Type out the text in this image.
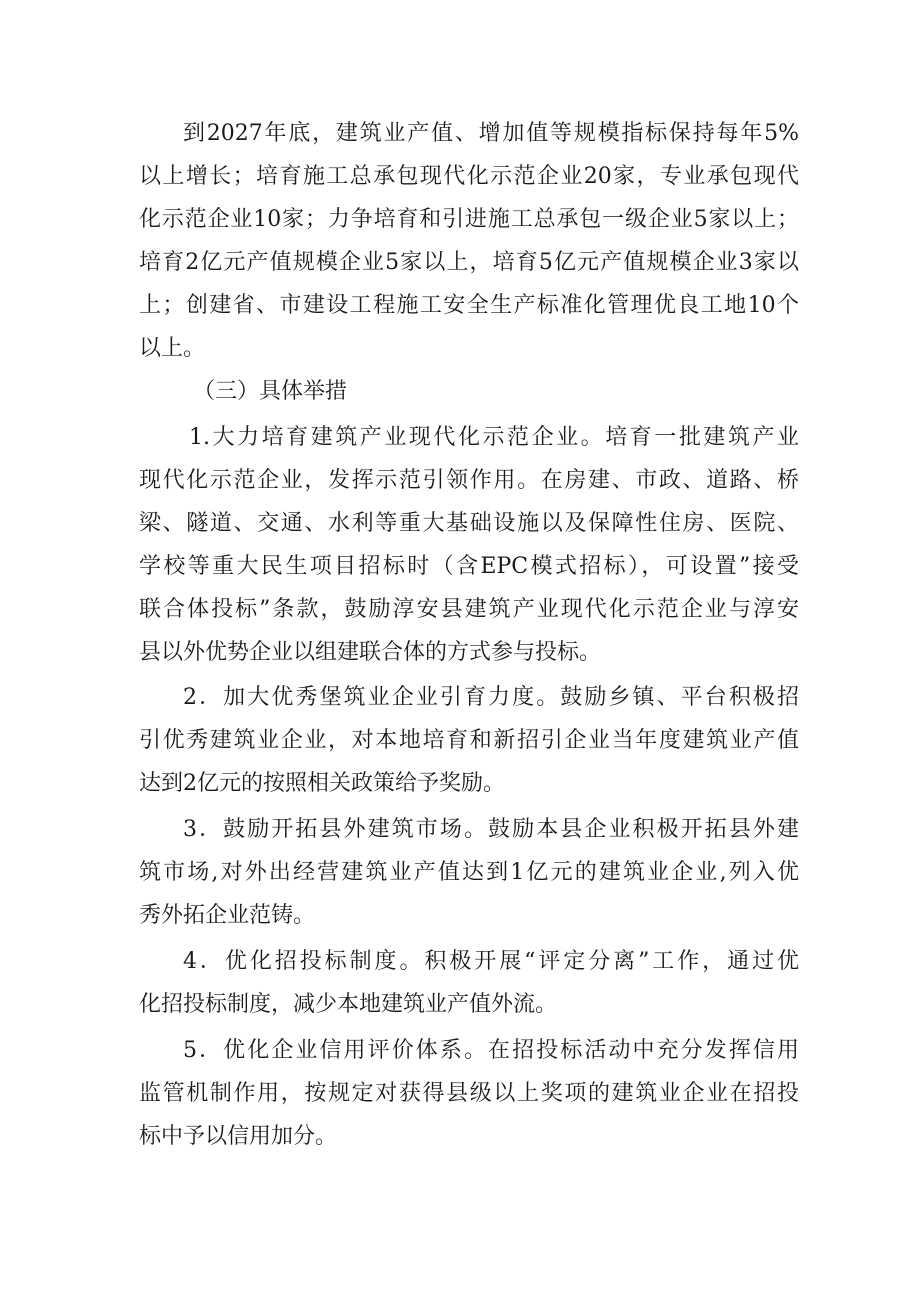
到2027年底，建筑业产值、增加值等规模指标保持每年5%

以上增长；培育施工总承包现代化示范企业20家，专业承包现代

化示范企业10家；力争培育和引进施工总承包一级企业5家以上；

培育2亿元产值规模企业5家以上，培育5亿元产值规模企业3家以

上；创建省、市建设工程施工安全生产标准化管理优良工地10个

以上。

（三）具体举措

1.大力培育建筑产业现代化示范企业。培育一批建筑产业

现代化示范企业，发挥示范引领作用。在房建、市政、道路、桥

梁、隧道、交通、水利等重大基础设施以及保障性住房、医院、

学校等重大民生项目招标时（含EPC模式招标），可设置”接受

联合体投标”条款，鼓励淳安县建筑产业现代化示范企业与淳安

县以外优势企业以组建联合体的方式参与投标。

2．加大优秀堡筑业企业引育力度。鼓励乡镇、平台积极招

引优秀建筑业企业，对本地培育和新招引企业当年度建筑业产值

达到2亿元的按照相关政策给予奖励。

3．鼓励开拓县外建筑市场。鼓励本县企业积极开拓县外建

筑市场,对外出经营建筑业产值达到1亿元的建筑业企业,列入优

秀外拓企业范铸。

4．优化招投标制度。积极开展“评定分离”工作，通过优

化招投标制度，减少本地建筑业产值外流。

5．优化企业信用评价体系。在招投标活动中充分发挥信用

监管机制作用，按规定对获得县级以上奖项的建筑业企业在招投

标中予以信用加分。
